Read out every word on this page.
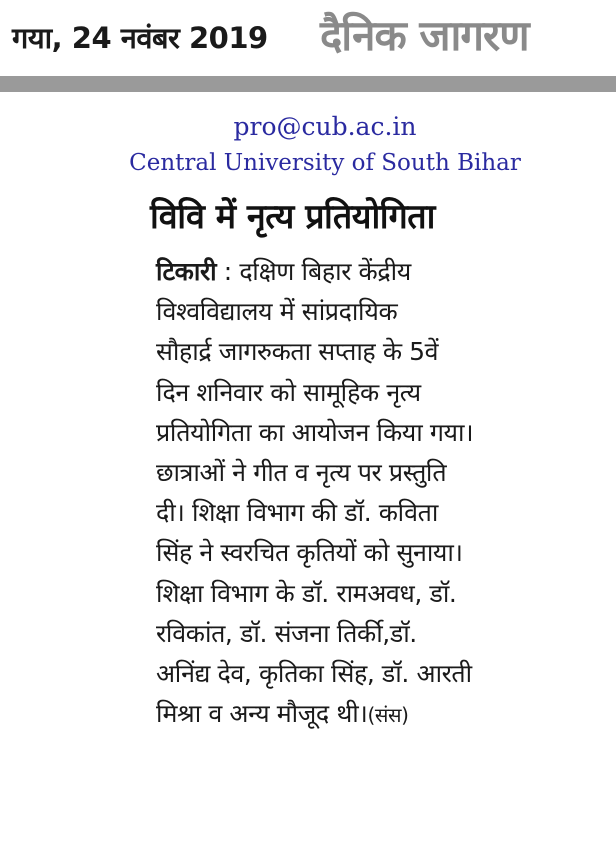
गया, 24 नवंबर 2019 दैनिक जागरण
pro@cub.ac.in
Central University of South Bihar
विवि में नृत्य प्रतियोगिता
टिकारी : दक्षिण बिहार केंद्रीय
विश्वविद्यालय में सांप्रदायिक
सौहार्द्र जागरुकता सप्ताह के 5वें
दिन शनिवार को सामूहिक नृत्य
प्रतियोगिता का आयोजन किया गया।
छात्राओं ने गीत व नृत्य पर प्रस्तुति
दी। शिक्षा विभाग की डॉ. कविता
सिंह ने स्वरचित कृतियों को सुनाया।
शिक्षा विभाग के डॉ. रामअवध, डॉ.
रविकांत, डॉ. संजना तिर्की,डॉ.
अनिंद्य देव, कृतिका सिंह, डॉ. आरती
मिश्रा व अन्य मौजूद थी।(संस)
